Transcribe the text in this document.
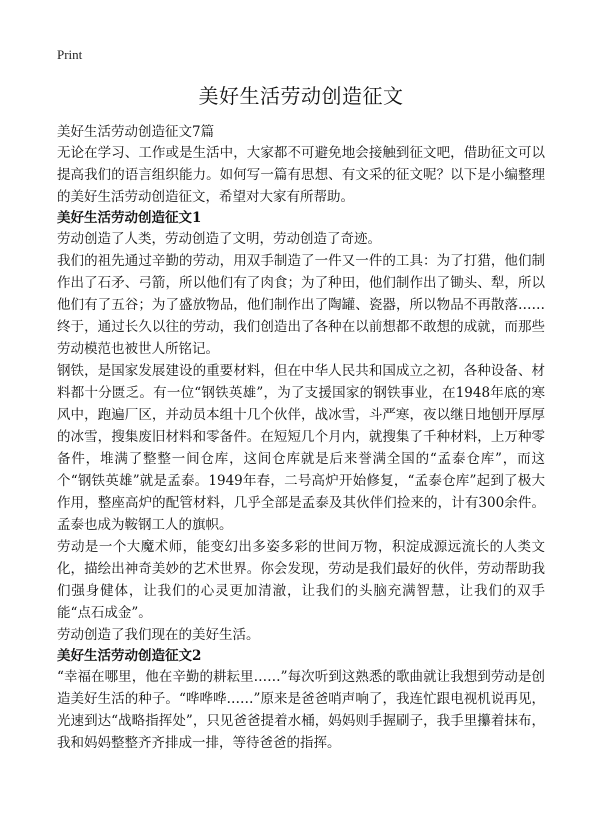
Print
美好生活劳动创造征文
美好生活劳动创造征文7篇

无论在学习、工作或是生活中，大家都不可避免地会接触到征文吧，借助征文可以提高我们的语言组织能力。如何写一篇有思想、有文采的征文呢？以下是小编整理的美好生活劳动创造征文，希望对大家有所帮助。

美好生活劳动创造征文1

劳动创造了人类，劳动创造了文明，劳动创造了奇迹。

我们的祖先通过辛勤的劳动，用双手制造了一件又一件的工具：为了打猎，他们制作出了石矛、弓箭，所以他们有了肉食；为了种田，他们制作出了锄头、犁，所以他们有了五谷；为了盛放物品，他们制作出了陶罐、瓷器，所以物品不再散落……终于，通过长久以往的劳动，我们创造出了各种在以前想都不敢想的成就，而那些劳动模范也被世人所铭记。

钢铁，是国家发展建设的重要材料，但在中华人民共和国成立之初，各种设备、材料都十分匮乏。有一位“钢铁英雄”，为了支援国家的钢铁事业，在1948年底的寒风中，跑遍厂区，并动员本组十几个伙伴，战冰雪，斗严寒，夜以继日地刨开厚厚的冰雪，搜集废旧材料和零备件。在短短几个月内，就搜集了千种材料，上万种零备件，堆满了整整一间仓库，这间仓库就是后来誉满全国的“孟泰仓库”，而这个“钢铁英雄”就是孟泰。1949年春，二号高炉开始修复，“孟泰仓库”起到了极大作用，整座高炉的配管材料，几乎全部是孟泰及其伙伴们捡来的，计有300余件。孟泰也成为鞍钢工人的旗帜。

劳动是一个大魔术师，能变幻出多姿多彩的世间万物，积淀成源远流长的人类文化，描绘出神奇美妙的艺术世界。你会发现，劳动是我们最好的伙伴，劳动帮助我们强身健体，让我们的心灵更加清澈，让我们的头脑充满智慧，让我们的双手能“点石成金”。

劳动创造了我们现在的美好生活。

美好生活劳动创造征文2

“幸福在哪里，他在辛勤的耕耘里……”每次听到这熟悉的歌曲就让我想到劳动是创造美好生活的种子。“哗哗哗……”原来是爸爸哨声响了，我连忙跟电视机说再见，光速到达“战略指挥处”，只见爸爸提着水桶，妈妈则手握刷子，我手里攥着抹布，我和妈妈整整齐齐排成一排，等待爸爸的指挥。
